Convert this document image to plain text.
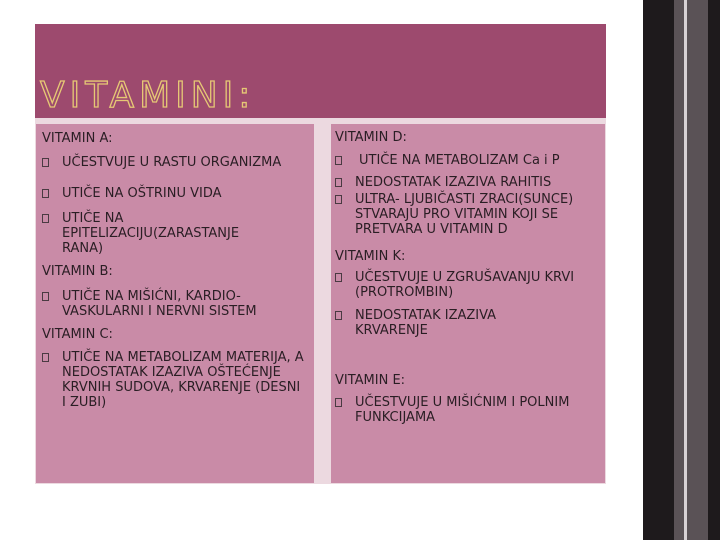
VITAMINI:

VITAMIN A:

UČESTVUJE U RASTU ORGANIZMA
UTIČE NA OŠTRINU VIDA
UTIČE NA EPITELIZACIJU(ZARASTANJE RANA)

VITAMIN B:

UTIČE NA MIŠIĆNI, KARDIO-VASKULARNI I NERVNI SISTEM

VITAMIN C:

UTIČE NA METABOLIZAM MATERIJA, A NEDOSTATAK IZAZIVA OŠTEĆENJE KRVNIH SUDOVA, KRVARENJE (DESNI I ZUBI)

VITAMIN D:

UTIČE NA METABOLIZAM Ca i P
NEDOSTATAK IZAZIVA RAHITIS
ULTRA- LJUBIČASTI ZRACI(SUNCE) STVARAJU PRO VITAMIN KOJI SE PRETVARA U VITAMIN D

VITAMIN K:

UČESTVUJE U ZGRUŠAVANJU KRVI (PROTROMBIN)
NEDOSTATAK IZAZIVA KRVARENJE

VITAMIN E:

UČESTVUJE U MIŠIĆNIM I POLNIM FUNKCIJAMA
